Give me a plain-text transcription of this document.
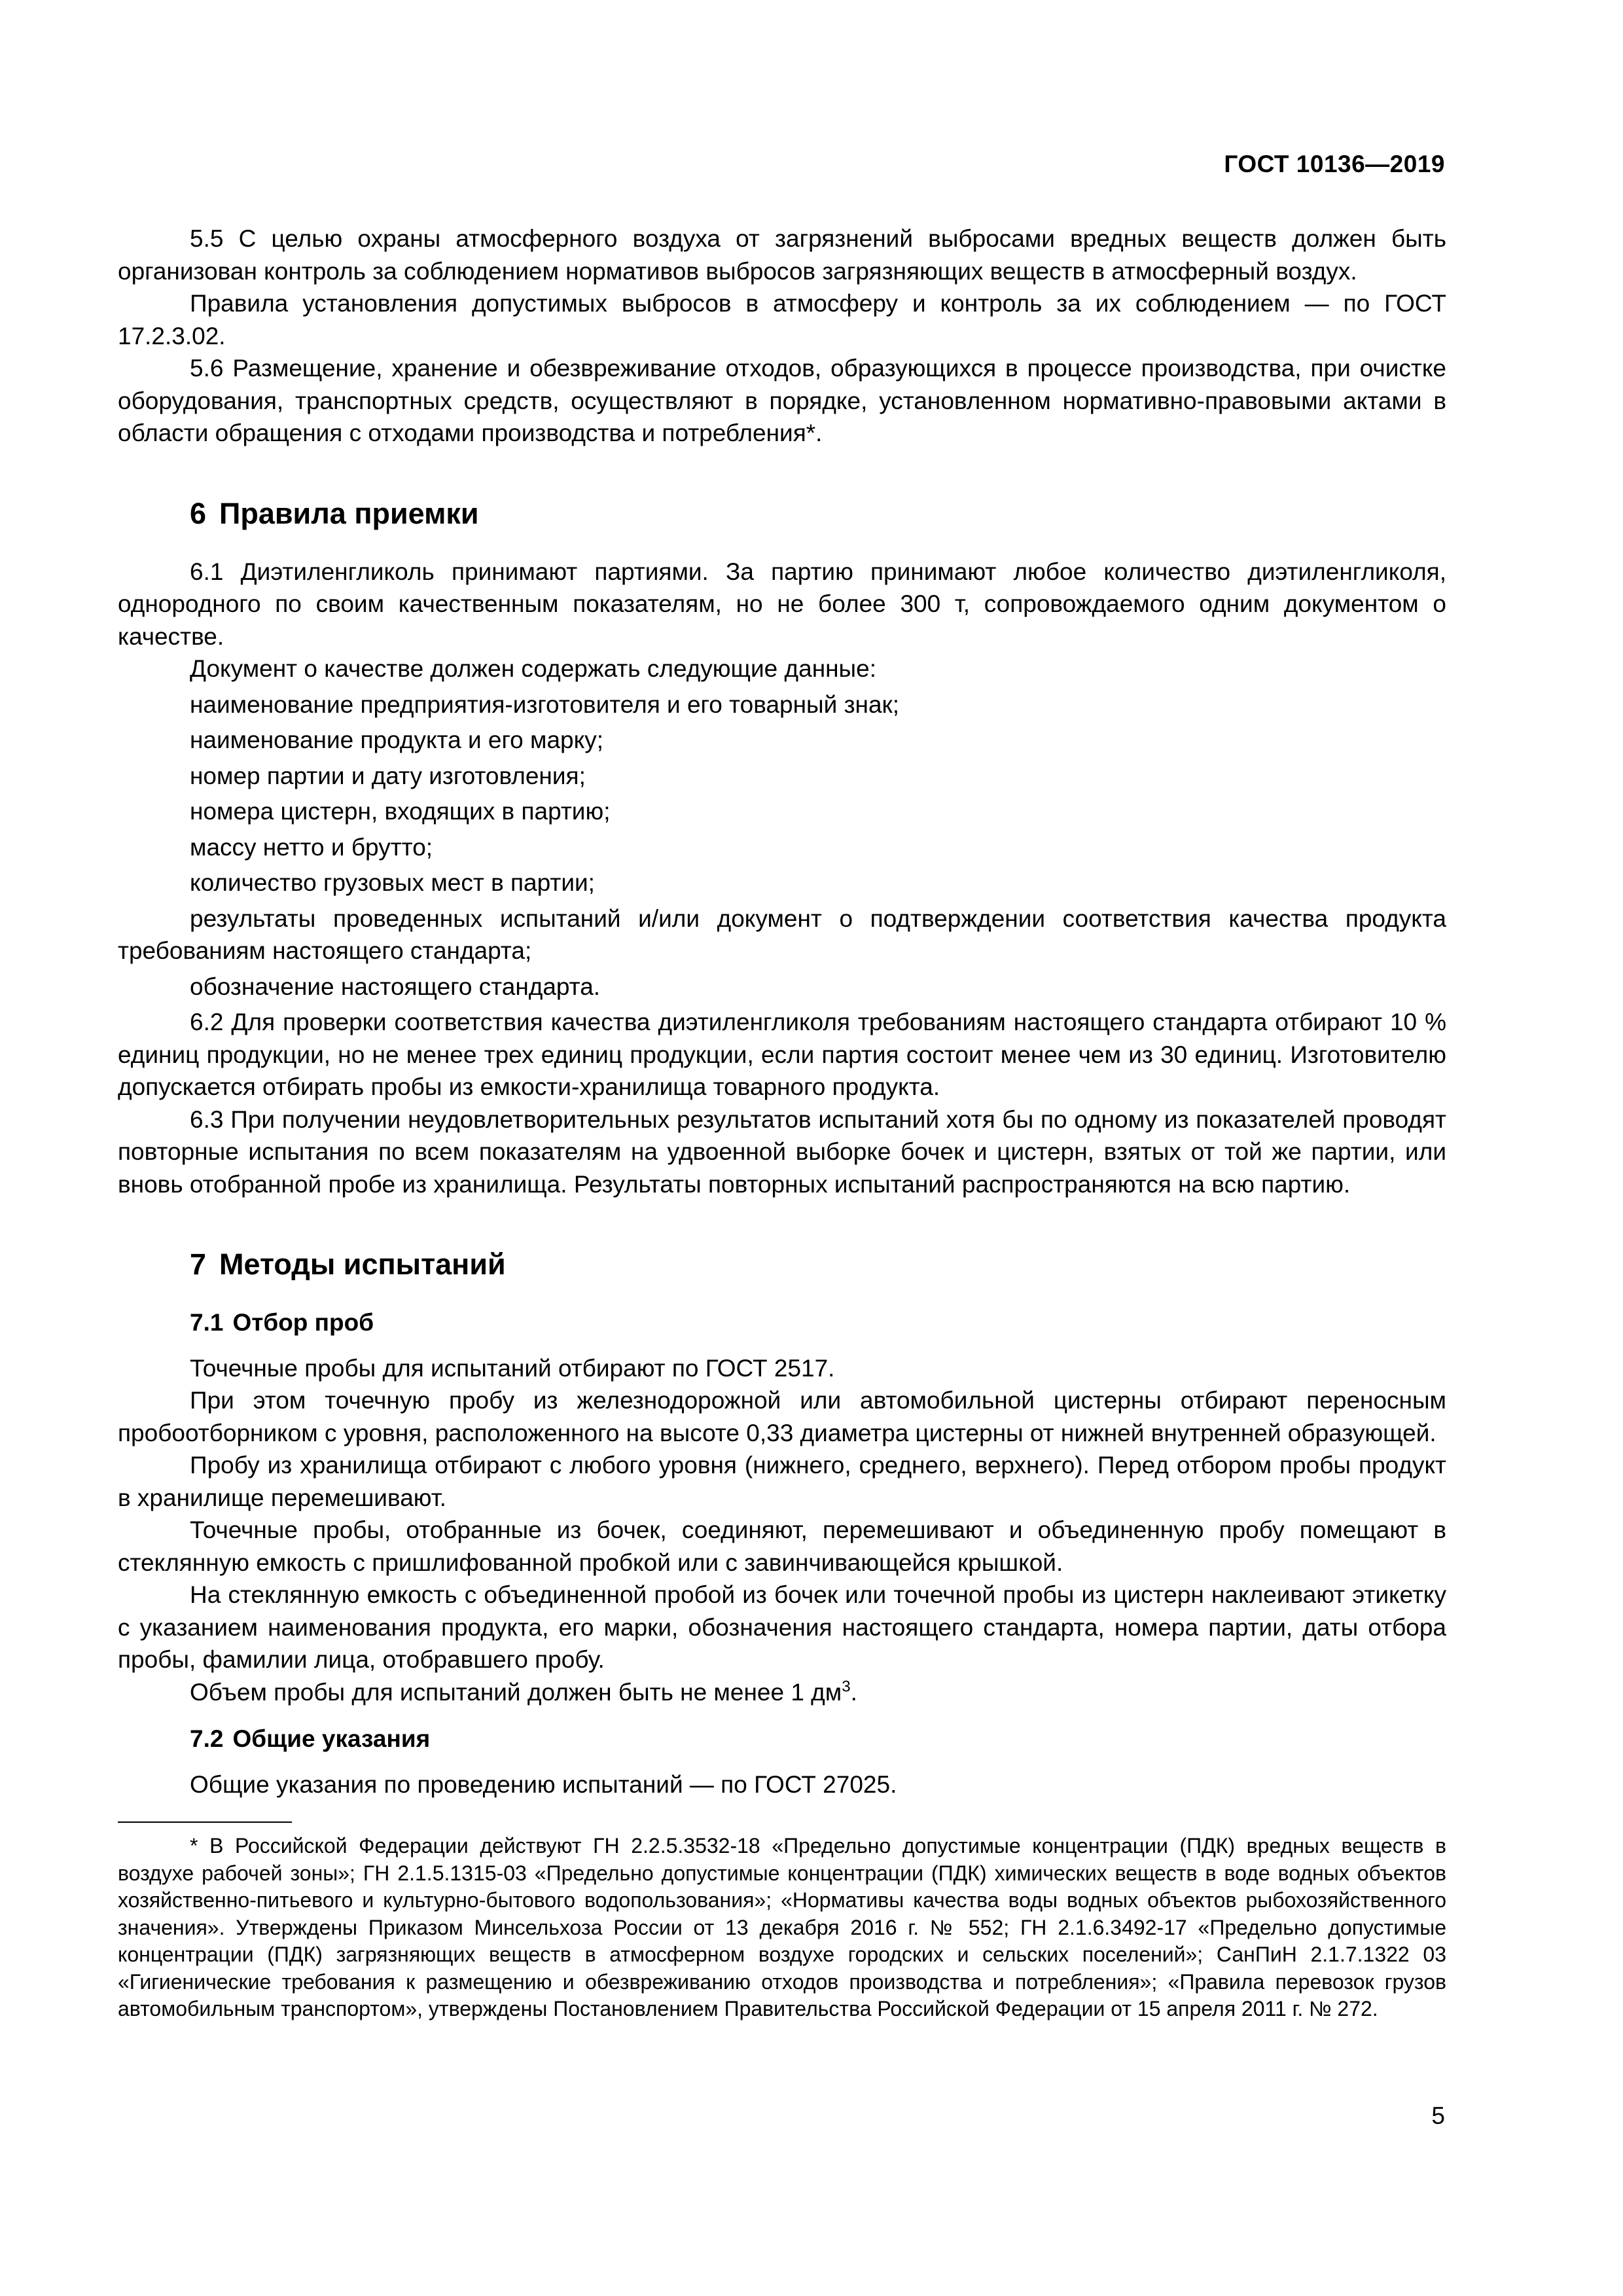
ГОСТ 10136—2019

5.5 С целью охраны атмосферного воздуха от загрязнений выбросами вредных веществ должен быть организован контроль за соблюдением нормативов выбросов загрязняющих веществ в атмосферный воздух.

Правила установления допустимых выбросов в атмосферу и контроль за их соблюдением — по ГОСТ 17.2.3.02.

5.6 Размещение, хранение и обезвреживание отходов, образующихся в процессе производства, при очистке оборудования, транспортных средств, осуществляют в порядке, установленном нормативно-правовыми актами в области обращения с отходами производства и потребления*.

6 Правила приемки

6.1 Диэтиленгликоль принимают партиями. За партию принимают любое количество диэтиленгликоля, однородного по своим качественным показателям, но не более 300 т, сопровождаемого одним документом о качестве.

Документ о качестве должен содержать следующие данные:

наименование предприятия-изготовителя и его товарный знак;

наименование продукта и его марку;

номер партии и дату изготовления;

номера цистерн, входящих в партию;

массу нетто и брутто;

количество грузовых мест в партии;

результаты проведенных испытаний и/или документ о подтверждении соответствия качества продукта требованиям настоящего стандарта;

обозначение настоящего стандарта.

6.2 Для проверки соответствия качества диэтиленгликоля требованиям настоящего стандарта отбирают 10 % единиц продукции, но не менее трех единиц продукции, если партия состоит менее чем из 30 единиц. Изготовителю допускается отбирать пробы из емкости-хранилища товарного продукта.

6.3 При получении неудовлетворительных результатов испытаний хотя бы по одному из показателей проводят повторные испытания по всем показателям на удвоенной выборке бочек и цистерн, взятых от той же партии, или вновь отобранной пробе из хранилища. Результаты повторных испытаний распространяются на всю партию.

7 Методы испытаний
7.1 Отбор проб

Точечные пробы для испытаний отбирают по ГОСТ 2517.

При этом точечную пробу из железнодорожной или автомобильной цистерны отбирают переносным пробоотборником с уровня, расположенного на высоте 0,33 диаметра цистерны от нижней внутренней образующей.

Пробу из хранилища отбирают с любого уровня (нижнего, среднего, верхнего). Перед отбором пробы продукт в хранилище перемешивают.

Точечные пробы, отобранные из бочек, соединяют, перемешивают и объединенную пробу помещают в стеклянную емкость с пришлифованной пробкой или с завинчивающейся крышкой.

На стеклянную емкость с объединенной пробой из бочек или точечной пробы из цистерн наклеивают этикетку с указанием наименования продукта, его марки, обозначения настоящего стандарта, номера партии, даты отбора пробы, фамилии лица, отобравшего пробу.

Объем пробы для испытаний должен быть не менее 1 $дм^3$.

7.2 Общие указания

Общие указания по проведению испытаний — по ГОСТ 27025.

* В Российской Федерации действуют ГН 2.2.5.3532-18 «Предельно допустимые концентрации (ПДК) вредных веществ в воздухе рабочей зоны»; ГН 2.1.5.1315-03 «Предельно допустимые концентрации (ПДК) химических веществ в воде водных объектов хозяйственно-питьевого и культурно-бытового водопользования»; «Нормативы качества воды водных объектов рыбохозяйственного значения». Утверждены Приказом Минсельхоза России от 13 декабря 2016 г. № 552; ГН 2.1.6.3492-17 «Предельно допустимые концентрации (ПДК) загрязняющих веществ в атмосферном воздухе городских и сельских поселений»; СанПиН 2.1.7.1322 03 «Гигиенические требования к размещению и обезвреживанию отходов производства и потребления»; «Правила перевозок грузов автомобильным транспортом», утверждены Постановлением Правительства Российской Федерации от 15 апреля 2011 г. № 272.

5
